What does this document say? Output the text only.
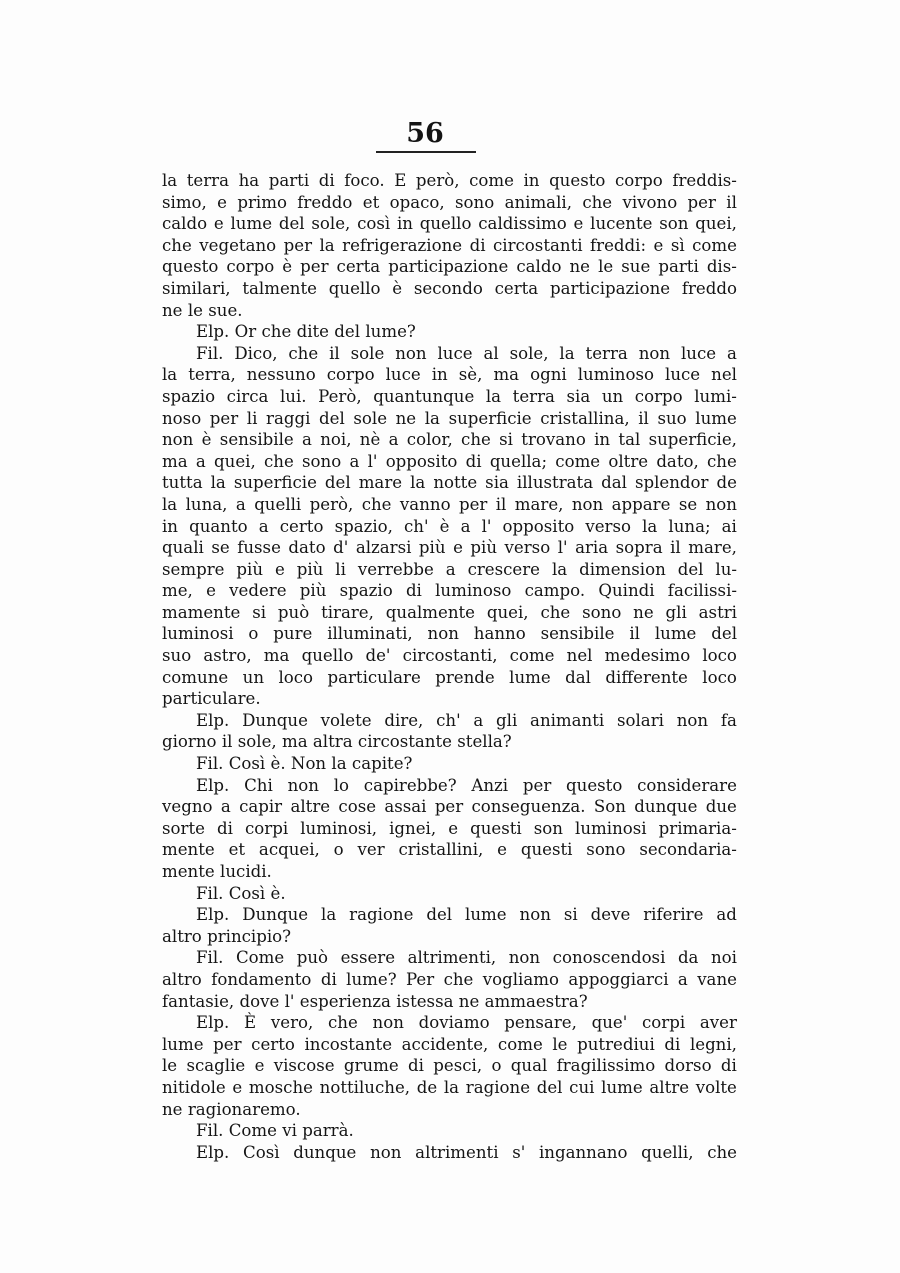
56
la terra ha parti di foco. E però, come in questo corpo freddis-
simo, e primo freddo et opaco, sono animali, che vivono per il
caldo e lume del sole, così in quello caldissimo e lucente son quei,
che vegetano per la refrigerazione di circostanti freddi: e sì come
questo corpo è per certa participazione caldo ne le sue parti dis-
similari, talmente quello è secondo certa participazione freddo
ne le sue.
Elp. Or che dite del lume?
Fil. Dico, che il sole non luce al sole, la terra non luce a
la terra, nessuno corpo luce in sè, ma ogni luminoso luce nel
spazio circa lui. Però, quantunque la terra sia un corpo lumi-
noso per li raggi del sole ne la superficie cristallina, il suo lume
non è sensibile a noi, nè a color, che si trovano in tal superficie,
ma a quei, che sono a l' opposito di quella; come oltre dato, che
tutta la superficie del mare la notte sia illustrata dal splendor de
la luna, a quelli però, che vanno per il mare, non appare se non
in quanto a certo spazio, ch' è a l' opposito verso la luna; ai
quali se fusse dato d' alzarsi più e più verso l' aria sopra il mare,
sempre più e più li verrebbe a crescere la dimension del lu-
me, e vedere più spazio di luminoso campo. Quindi facilissi-
mamente si può tirare, qualmente quei, che sono ne gli astri
luminosi o pure illuminati, non hanno sensibile il lume del
suo astro, ma quello de' circostanti, come nel medesimo loco
comune un loco particulare prende lume dal differente loco
particulare.
Elp. Dunque volete dire, ch' a gli animanti solari non fa
giorno il sole, ma altra circostante stella?
Fil. Così è. Non la capite?
Elp. Chi non lo capirebbe? Anzi per questo considerare
vegno a capir altre cose assai per conseguenza. Son dunque due
sorte di corpi luminosi, ignei, e questi son luminosi primaria-
mente et acquei, o ver cristallini, e questi sono secondaria-
mente lucidi.
Fil. Così è.
Elp. Dunque la ragione del lume non si deve riferire ad
altro principio?
Fil. Come può essere altrimenti, non conoscendosi da noi
altro fondamento di lume? Per che vogliamo appoggiarci a vane
fantasie, dove l' esperienza istessa ne ammaestra?
Elp. È vero, che non doviamo pensare, que' corpi aver
lume per certo incostante accidente, come le putrediui di legni,
le scaglie e viscose grume di pesci, o qual fragilissimo dorso di
nitidole e mosche nottiluche, de la ragione del cui lume altre volte
ne ragionaremo.
Fil. Come vi parrà.
Elp. Così dunque non altrimenti s' ingannano quelli, che
